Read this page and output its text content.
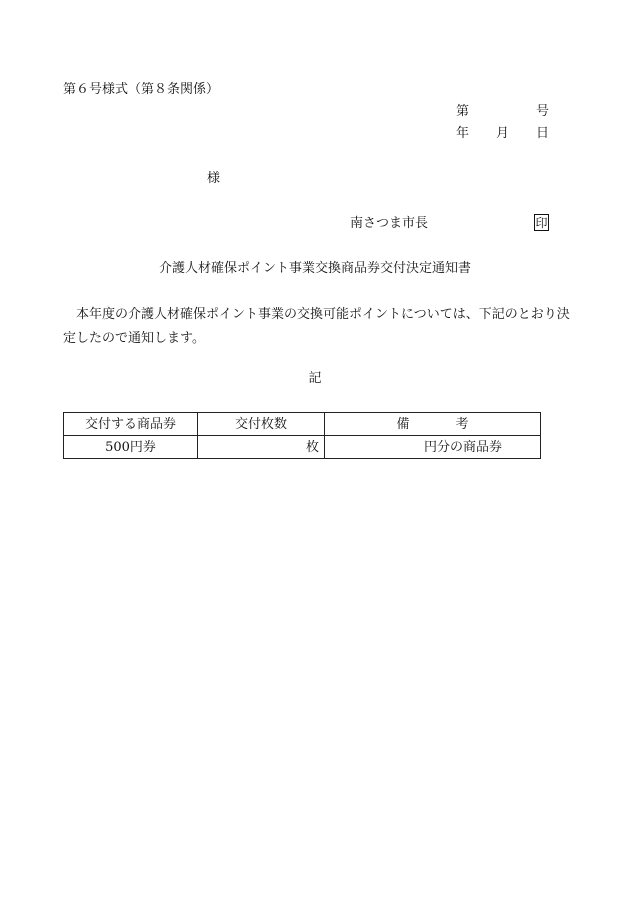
第６号様式（第８条関係）
第	号
年 月 日
様
南さつま市長	印
介護人材確保ポイント事業交換商品券交付決定通知書
本年度の介護人材確保ポイント事業の交換可能ポイントについては、下記のとおり決定したので通知します。
記
交付する商品券	交付枚数	備 考
500円券	枚	円分の商品券
